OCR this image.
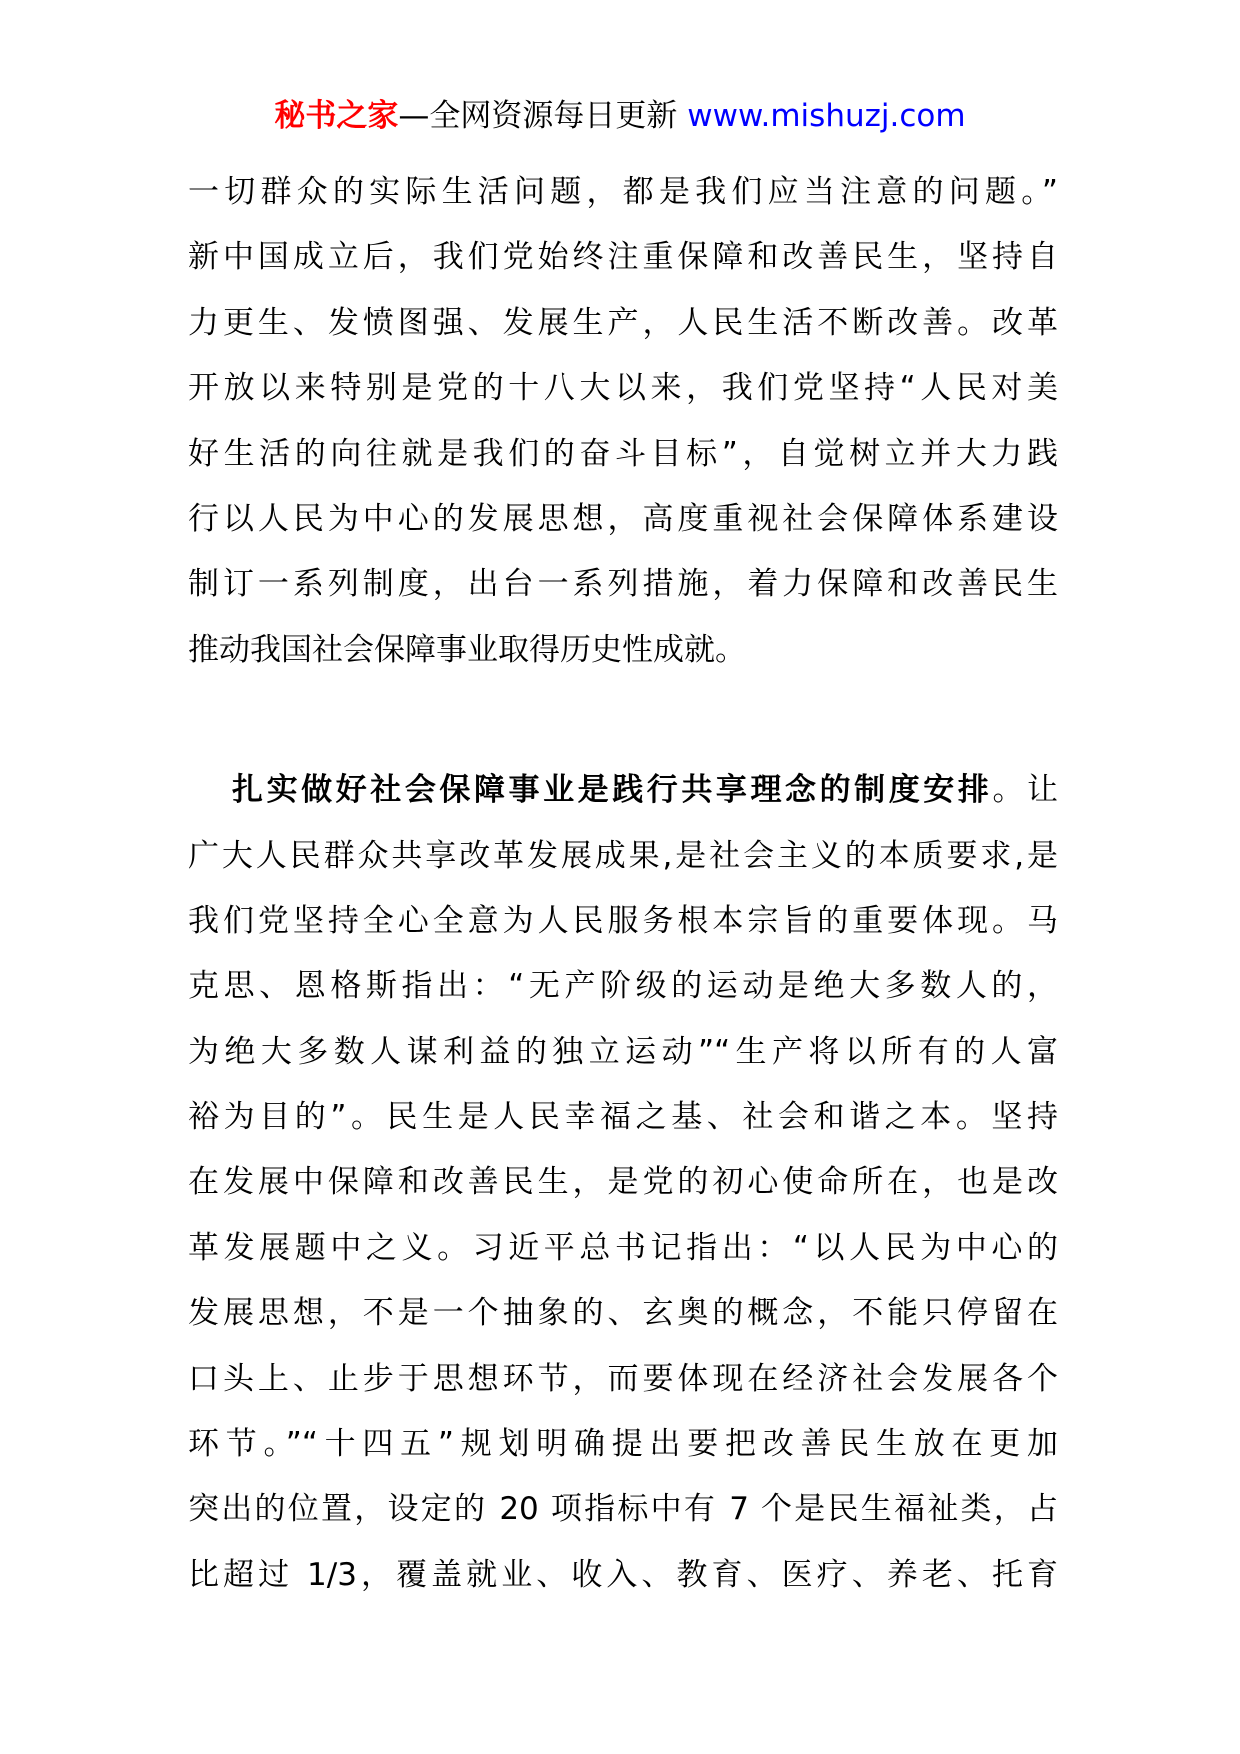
秘书之家—全网资源每日更新 www.mishuzj.com
一切群众的实际生活问题，都是我们应当注意的问题。”
新中国成立后，我们党始终注重保障和改善民生，坚持自
力更生、发愤图强、发展生产，人民生活不断改善。改革
开放以来特别是党的十八大以来，我们党坚持“人民对美
好生活的向往就是我们的奋斗目标”，自觉树立并大力践
行以人民为中心的发展思想，高度重视社会保障体系建设
制订一系列制度，出台一系列措施，着力保障和改善民生
推动我国社会保障事业取得历史性成就。
扎实做好社会保障事业是践行共享理念的制度安排。让
广大人民群众共享改革发展成果,是社会主义的本质要求,是
我们党坚持全心全意为人民服务根本宗旨的重要体现。马
克思、恩格斯指出：“无产阶级的运动是绝大多数人的，
为绝大多数人谋利益的独立运动”“生产将以所有的人富
裕为目的”。民生是人民幸福之基、社会和谐之本。坚持
在发展中保障和改善民生，是党的初心使命所在，也是改
革发展题中之义。习近平总书记指出：“以人民为中心的
发展思想，不是一个抽象的、玄奥的概念，不能只停留在
口头上、止步于思想环节，而要体现在经济社会发展各个
环节。”“十四五”规划明确提出要把改善民生放在更加
突出的位置，设定的 20 项指标中有 7 个是民生福祉类，占
比超过 1/3，覆盖就业、收入、教育、医疗、养老、托育
